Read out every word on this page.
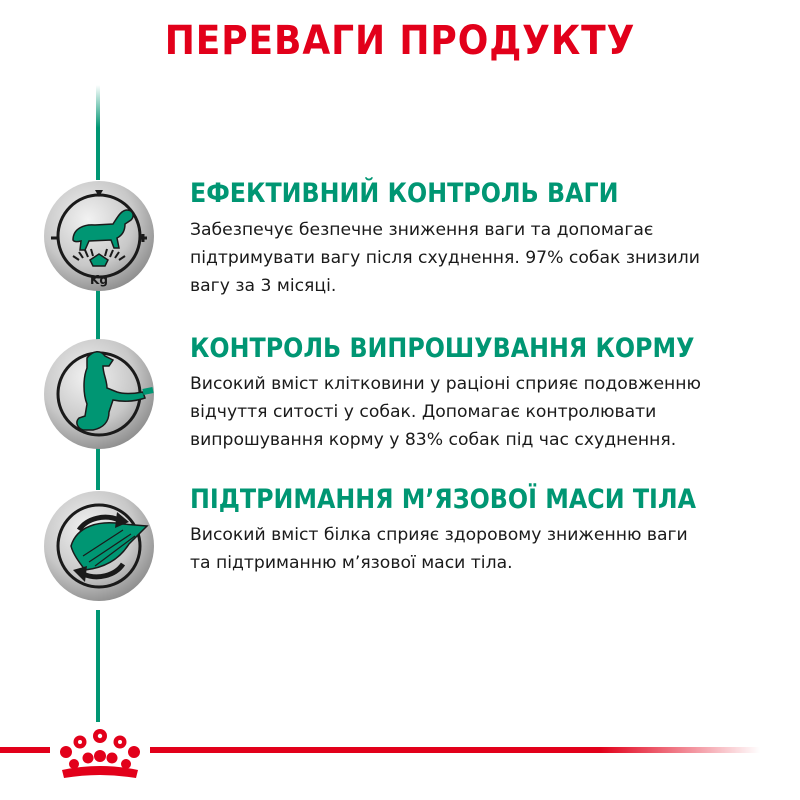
ПЕРЕВАГИ ПРОДУКТУ
Kg
ЕФЕКТИВНИЙ КОНТРОЛЬ ВАГИ
Забезпечує безпечне зниження ваги та допомагає
підтримувати вагу після схуднення. 97% собак знизили
вагу за 3 місяці.
КОНТРОЛЬ ВИПРОШУВАННЯ КОРМУ
Високий вміст клітковини у раціоні сприяє подовженню
відчуття ситості у собак. Допомагає контролювати
випрошування корму у 83% собак під час схуднення.
ПІДТРИМАННЯ М’ЯЗОВОЇ МАСИ ТІЛА
Високий вміст білка сприяє здоровому зниженню ваги
та підтриманню м’язової маси тіла.
